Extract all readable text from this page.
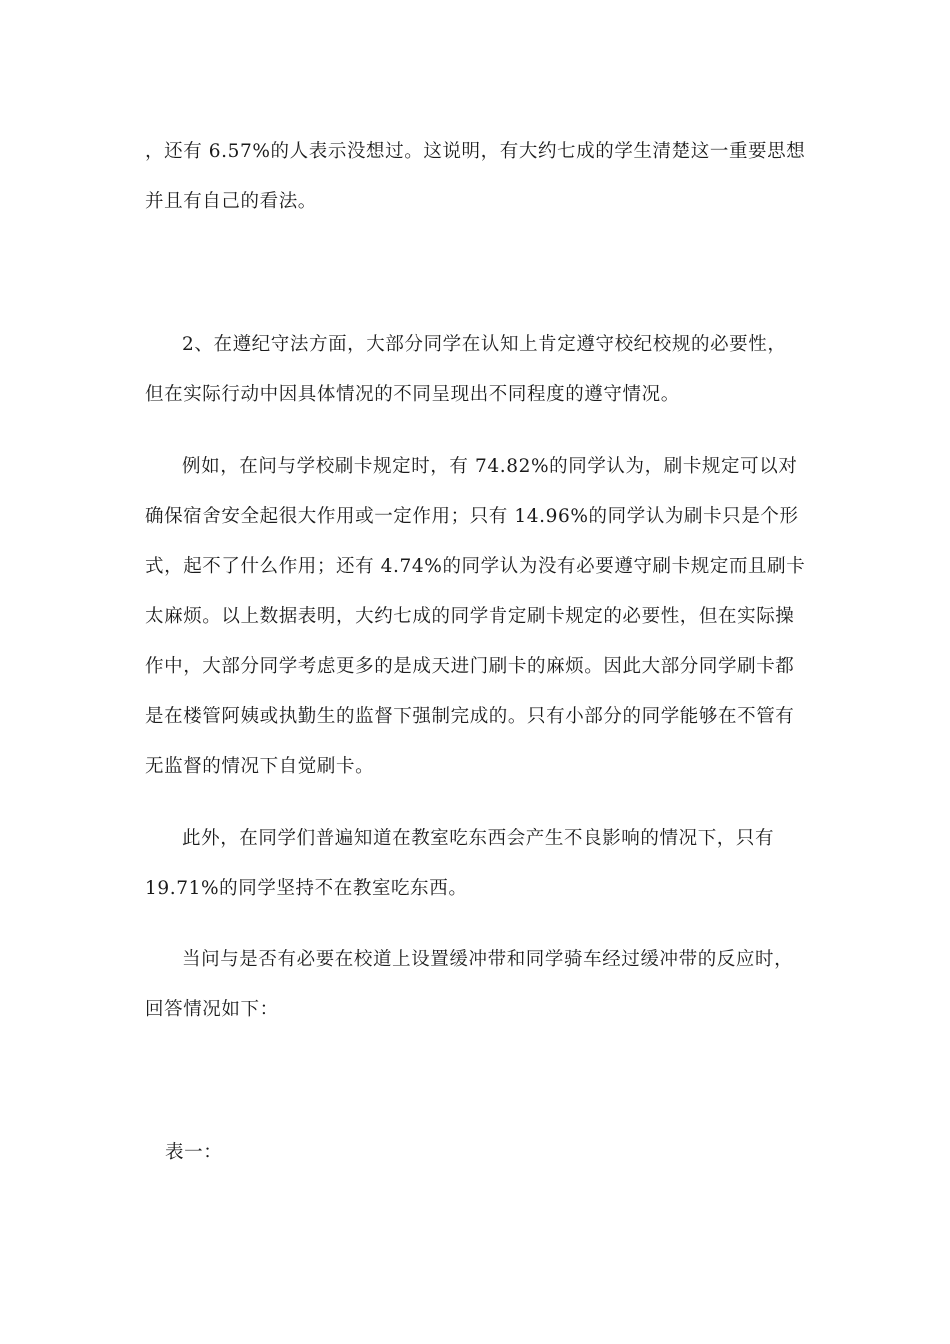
，还有 6.57%的人表示没想过。这说明，有大约七成的学生清楚这一重要思想
并且有自己的看法。
2、在遵纪守法方面，大部分同学在认知上肯定遵守校纪校规的必要性，
但在实际行动中因具体情况的不同呈现出不同程度的遵守情况。
例如，在问与学校刷卡规定时，有 74.82%的同学认为，刷卡规定可以对
确保宿舍安全起很大作用或一定作用；只有 14.96%的同学认为刷卡只是个形
式，起不了什么作用；还有 4.74%的同学认为没有必要遵守刷卡规定而且刷卡
太麻烦。以上数据表明，大约七成的同学肯定刷卡规定的必要性，但在实际操
作中，大部分同学考虑更多的是成天进门刷卡的麻烦。因此大部分同学刷卡都
是在楼管阿姨或执勤生的监督下强制完成的。只有小部分的同学能够在不管有
无监督的情况下自觉刷卡。
此外，在同学们普遍知道在教室吃东西会产生不良影响的情况下，只有
19.71%的同学坚持不在教室吃东西。
当问与是否有必要在校道上设置缓冲带和同学骑车经过缓冲带的反应时，
回答情况如下：
表一：
